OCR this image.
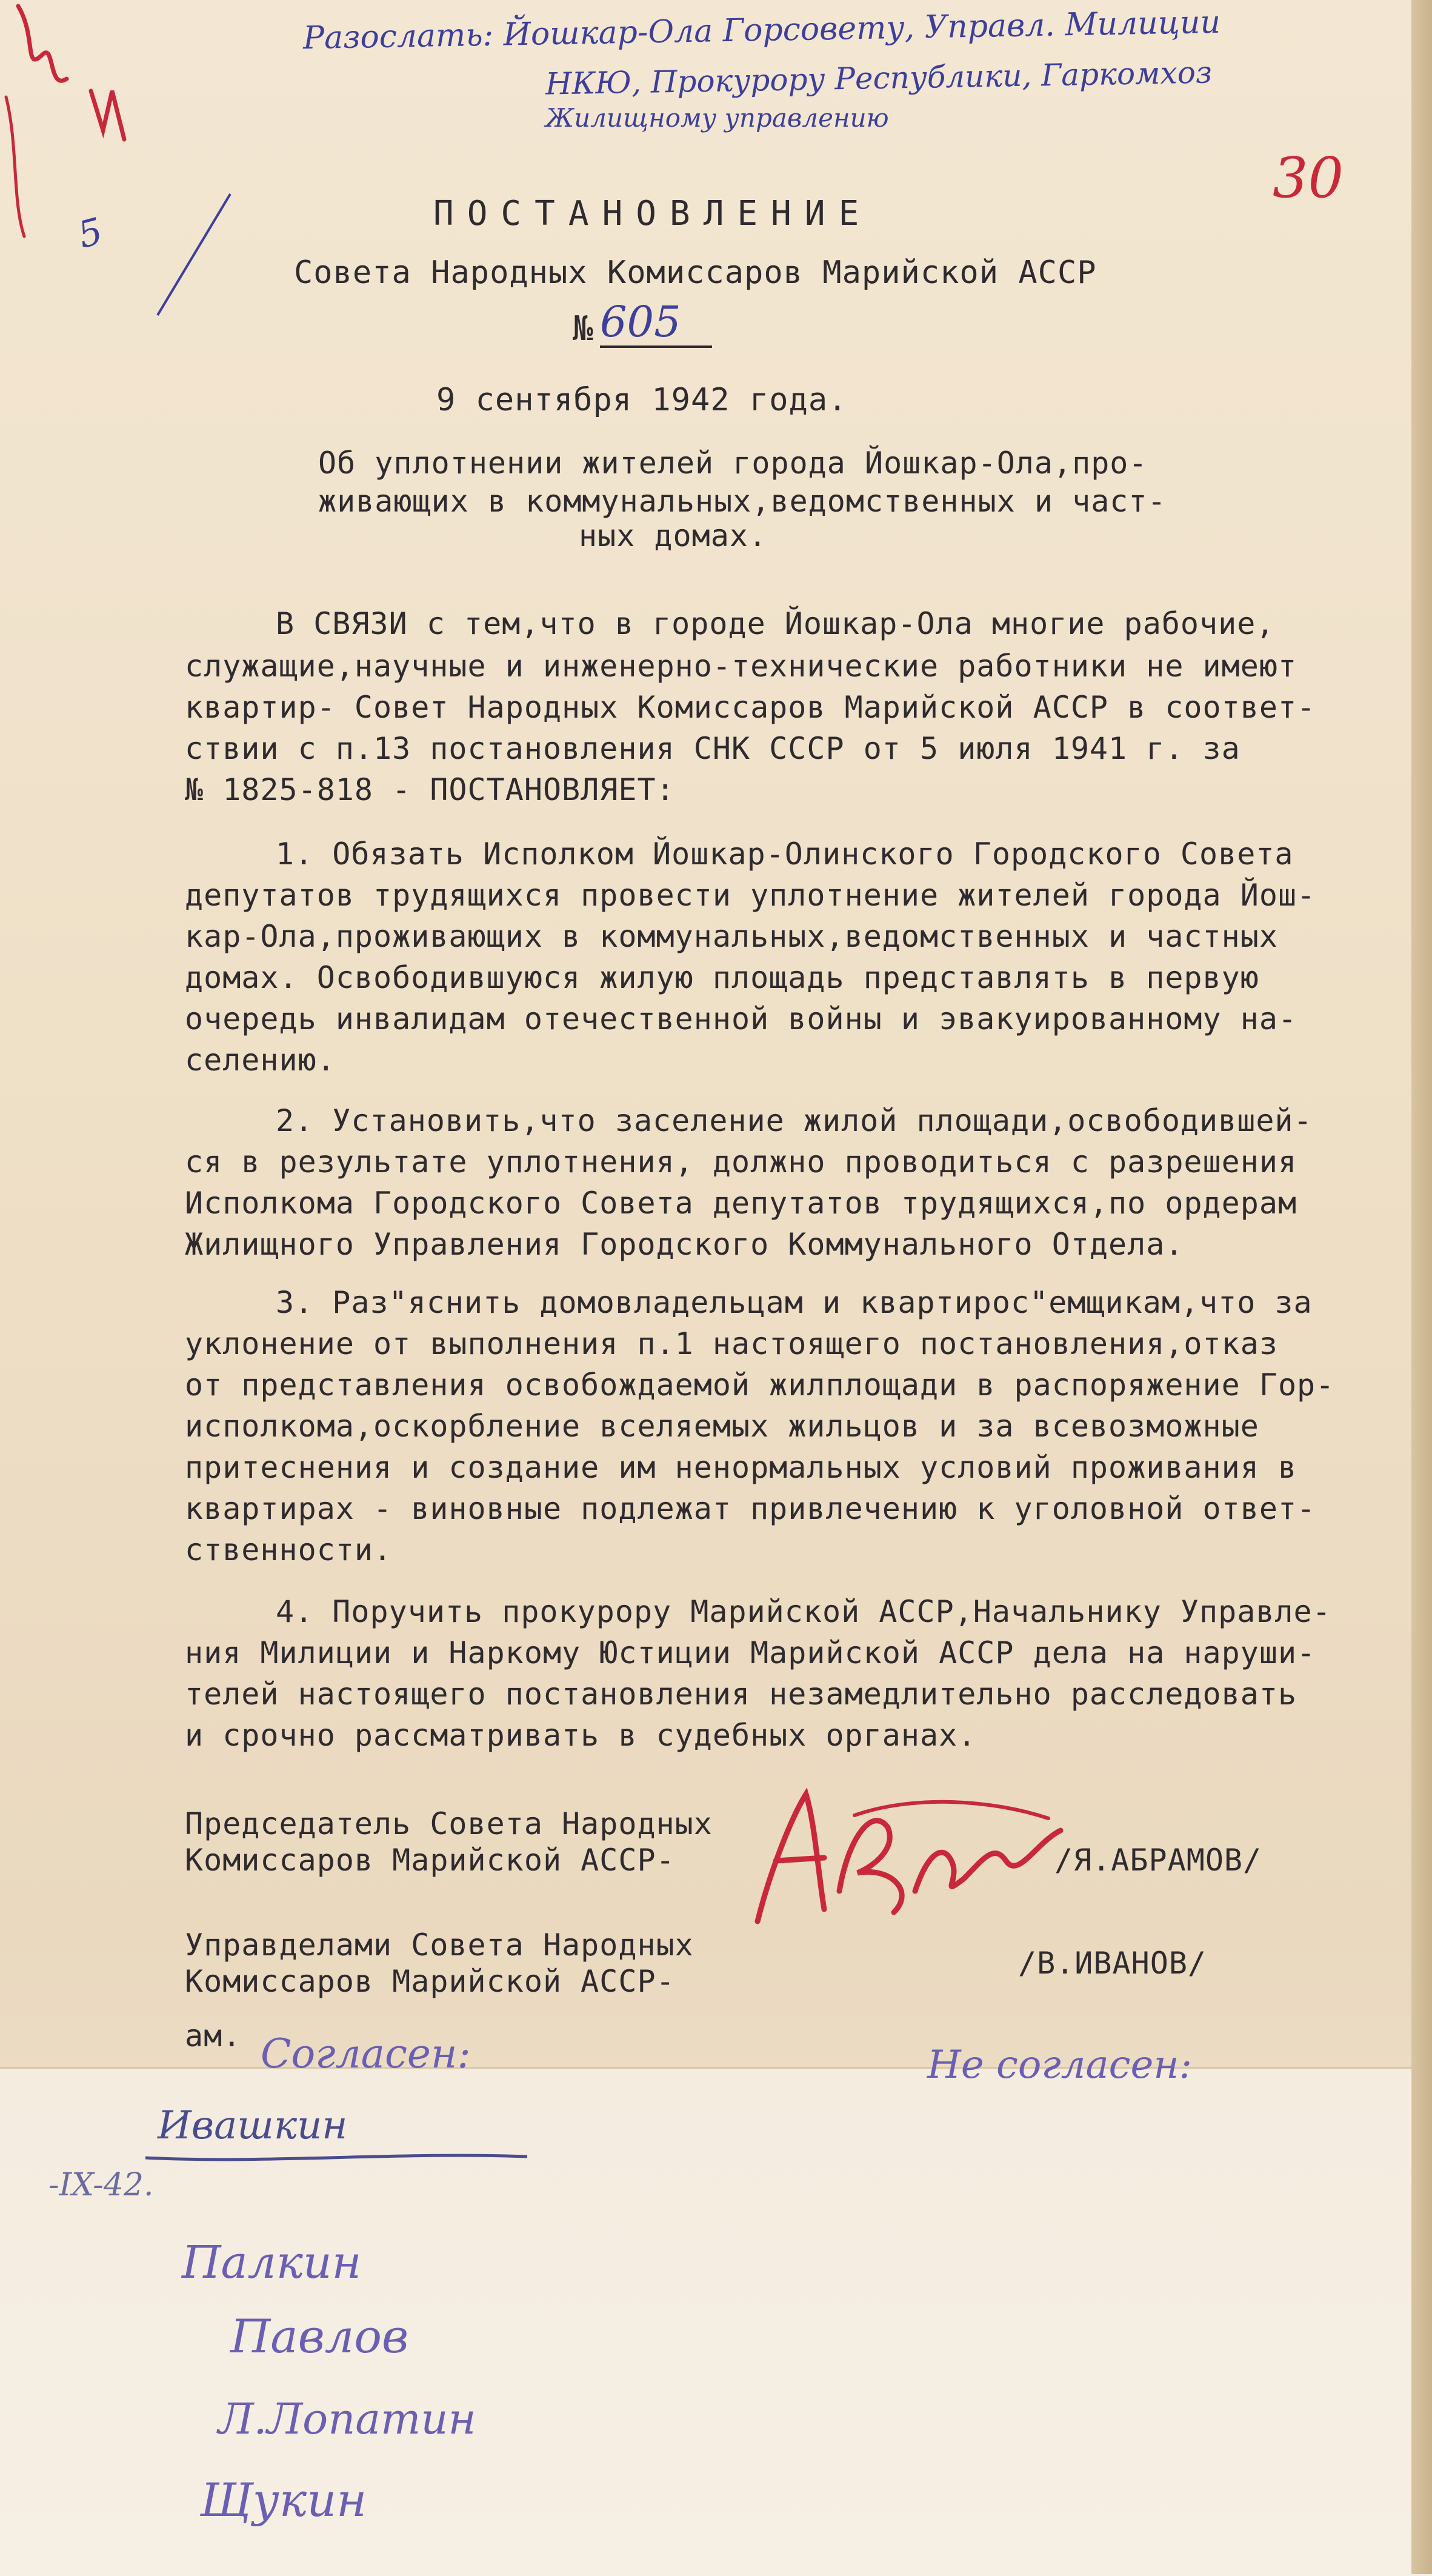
Разослать: Йошкар-Ола Горсовету, Управл. Милиции
НКЮ, Прокурору Республики, Гаркомхоз
Жилищному управлению
5
30
ПОСТАНОВЛЕНИЕ
Совета Народных Комиссаров Марийской АССР
№ 605
9 сентября 1942 года.
Об уплотнении жителей города Йошкар-Ола,про-
живающих в коммунальных,ведомственных и част-
ных домах.
В СВЯЗИ с тем,что в городе Йошкар-Ола многие рабочие,
служащие,научные и инженерно-технические работники не имеют
квартир- Совет Народных Комиссаров Марийской АССР в соответ-
ствии с п.13 постановления СНК СССР от 5 июля 1941 г. за
№ 1825-818 - ПОСТАНОВЛЯЕТ:
1. Обязать Исполком Йошкар-Олинского Городского Совета
депутатов трудящихся провести уплотнение жителей города Йош-
кар-Ола,проживающих в коммунальных,ведомственных и частных
домах. Освободившуюся жилую площадь представлять в первую
очередь инвалидам отечественной войны и эвакуированному на-
селению.
2. Установить,что заселение жилой площади,освободившей-
ся в результате уплотнения, должно проводиться с разрешения
Исполкома Городского Совета депутатов трудящихся,по ордерам
Жилищного Управления Городского Коммунального Отдела.
3. Раз"яснить домовладельцам и квартирос"емщикам,что за
уклонение от выполнения п.1 настоящего постановления,отказ
от представления освобождаемой жилплощади в распоряжение Гор-
исполкома,оскорбление вселяемых жильцов и за всевозможные
притеснения и создание им ненормальных условий проживания в
квартирах - виновные подлежат привлечению к уголовной ответ-
ственности.
4. Поручить прокурору Марийской АССР,Начальнику Управле-
ния Милиции и Наркому Юстиции Марийской АССР дела на наруши-
телей настоящего постановления незамедлительно расследовать
и срочно рассматривать в судебных органах.
Председатель Совета Народных
Комиссаров Марийской АССР-	/Я.АБРАМОВ/
Управделами Совета Народных
Комиссаров Марийской АССР-
/В.ИВАНОВ/
ам. Согласен:	Не согласен:
Ивашкин
-IX-42.
Палкин
Павлов
Л.Лопатин
Щукин
